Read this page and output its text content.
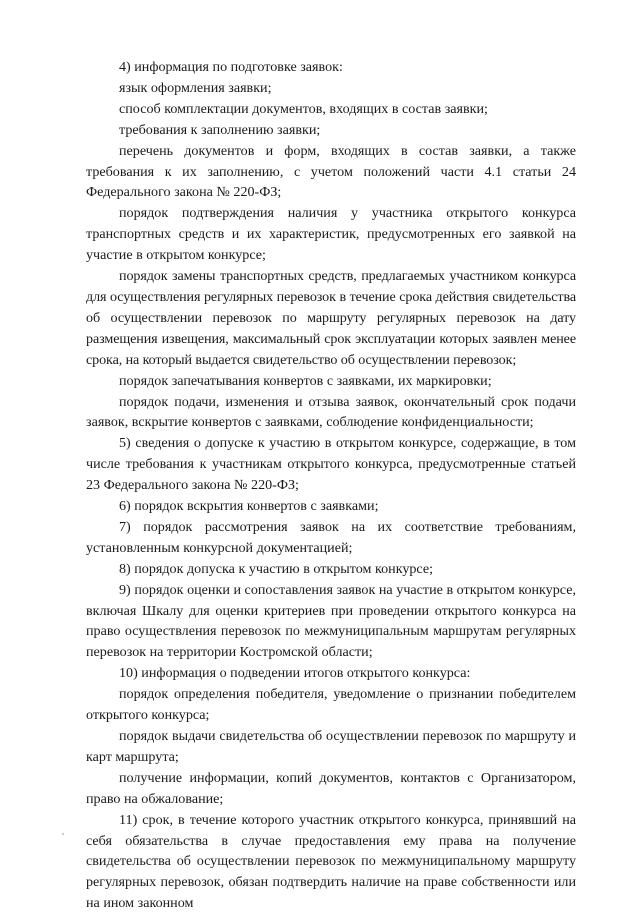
4) информация по подготовке заявок:

язык оформления заявки;

способ комплектации документов, входящих в состав заявки;

требования к заполнению заявки;

перечень документов и форм, входящих в состав заявки, а также требования к их заполнению, с учетом положений части 4.1 статьи 24 Федерального закона № 220-ФЗ;

порядок подтверждения наличия у участника открытого конкурса транспортных средств и их характеристик, предусмотренных его заявкой на участие в открытом конкурсе;

порядок замены транспортных средств, предлагаемых участником конкурса для осуществления регулярных перевозок в течение срока действия свидетельства об осуществлении перевозок по маршруту регулярных перевозок на дату размещения извещения, максимальный срок эксплуатации которых заявлен менее срока, на который выдается свидетельство об осуществлении перевозок;

порядок запечатывания конвертов с заявками, их маркировки;

порядок подачи, изменения и отзыва заявок, окончательный срок подачи заявок, вскрытие конвертов с заявками, соблюдение конфиденциальности;

5) сведения о допуске к участию в открытом конкурсе, содержащие, в том числе требования к участникам открытого конкурса, предусмотренные статьей 23 Федерального закона № 220-ФЗ;

6) порядок вскрытия конвертов с заявками;

7) порядок рассмотрения заявок на их соответствие требованиям, установленным конкурсной документацией;

8) порядок допуска к участию в открытом конкурсе;

9) порядок оценки и сопоставления заявок на участие в открытом конкурсе, включая Шкалу для оценки критериев при проведении открытого конкурса на право осуществления перевозок по межмуниципальным маршрутам регулярных перевозок на территории Костромской области;

10) информация о подведении итогов открытого конкурса:

порядок определения победителя, уведомление о признании победителем открытого конкурса;

порядок выдачи свидетельства об осуществлении перевозок по маршруту и карт маршрута;

получение информации, копий документов, контактов с Организатором, право на обжалование;

11) срок, в течение которого участник открытого конкурса, принявший на себя обязательства в случае предоставления ему права на получение свидетельства об осуществлении перевозок по межмуниципальному маршруту регулярных перевозок, обязан подтвердить наличие на праве собственности или на ином законном
